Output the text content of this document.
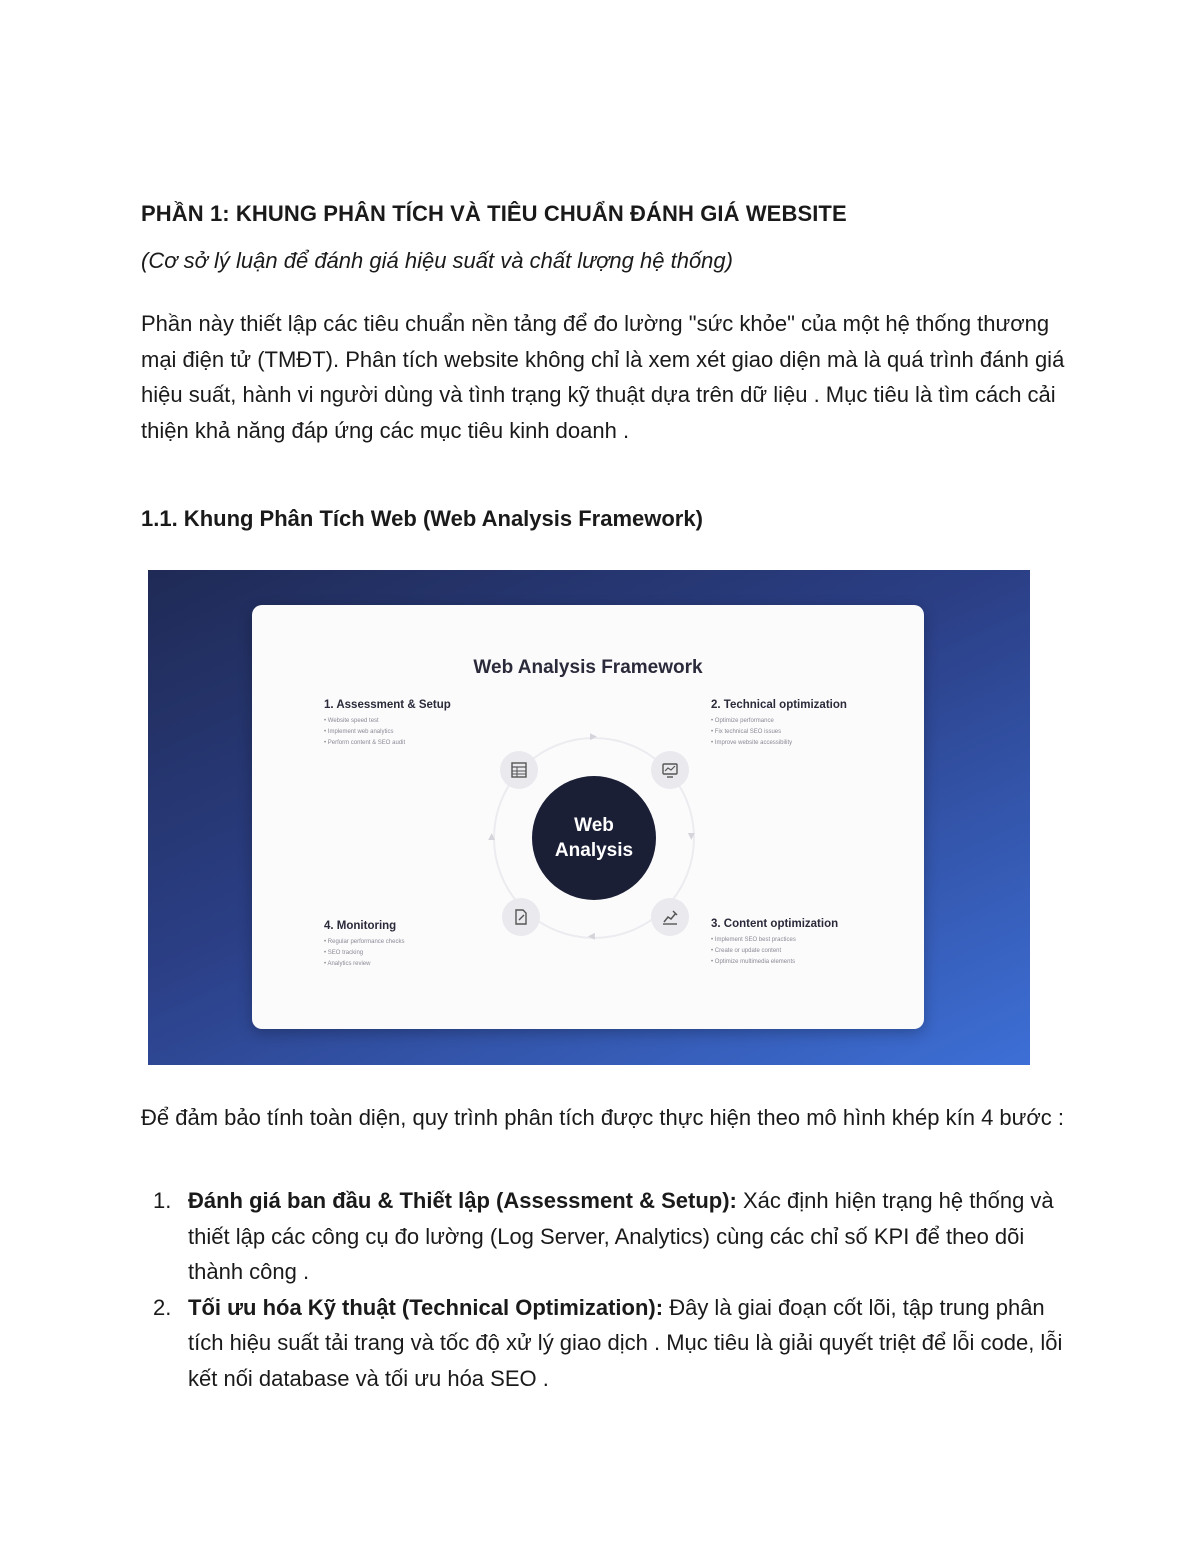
PHẦN 1: KHUNG PHÂN TÍCH VÀ TIÊU CHUẨN ĐÁNH GIÁ WEBSITE

(Cơ sở lý luận để đánh giá hiệu suất và chất lượng hệ thống)

Phần này thiết lập các tiêu chuẩn nền tảng để đo lường "sức khỏe" của một hệ thống thương mại điện tử (TMĐT). Phân tích website không chỉ là xem xét giao diện mà là quá trình đánh giá hiệu suất, hành vi người dùng và tình trạng kỹ thuật dựa trên dữ liệu . Mục tiêu là tìm cách cải thiện khả năng đáp ứng các mục tiêu kinh doanh .

1.1. Khung Phân Tích Web (Web Analysis Framework)
Web Analysis Framework
1. Assessment & Setup
• Website speed test
• Implement web analytics
• Perform content & SEO audit
2. Technical optimization
• Optimize performance
• Fix technical SEO issues
• Improve website accessibility
3. Content optimization
• Implement SEO best practices
• Create or update content
• Optimize multimedia elements
4. Monitoring
• Regular performance checks
• SEO tracking
• Analytics review
▶
▶
▶
▶
Web
Analysis

Để đảm bảo tính toàn diện, quy trình phân tích được thực hiện theo mô hình khép kín 4 bước :

1. Đánh giá ban đầu & Thiết lập (Assessment & Setup): Xác định hiện trạng hệ thống và thiết lập các công cụ đo lường (Log Server, Analytics) cùng các chỉ số KPI để theo dõi thành công .
2. Tối ưu hóa Kỹ thuật (Technical Optimization): Đây là giai đoạn cốt lõi, tập trung phân tích hiệu suất tải trang và tốc độ xử lý giao dịch . Mục tiêu là giải quyết triệt để lỗi code, lỗi kết nối database và tối ưu hóa SEO .
